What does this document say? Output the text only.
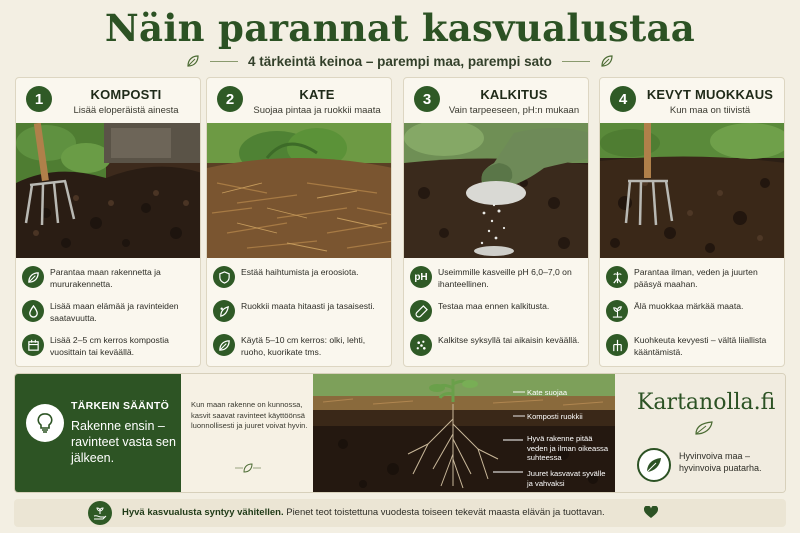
Näin parannat kasvualustaa
4 tärkeintä keinoa – parempi maa, parempi sato
1	KOMPOSTI
Lisää eloperäistä ainesta
Parantaa maan rakennetta ja mururakennetta.
Lisää maan elämää ja ravinteiden saatavuutta.
Lisää 2–5 cm kerros kompostia vuosittain tai keväällä.
2	KATE
Suojaa pintaa ja ruokkii maata
Estää haihtumista ja eroosiota.
Ruokkii maata hitaasti ja tasaisesti.
Käytä 5–10 cm kerros: olki, lehti, ruoho, kuorikate tms.
3	KALKITUS
Vain tarpeeseen, pH:n mukaan
pH	Useimmille kasveille pH 6,0–7,0 on ihanteellinen.
Testaa maa ennen kalkitusta.
Kalkitse syksyllä tai aikaisin keväällä.
4	KEVYT MUOKKAUS
Kun maa on tiivistä
Parantaa ilman, veden ja juurten pääsyä maahan.
Älä muokkaa märkää maata.
Kuohkeuta kevyesti – vältä liiallista kääntämistä.
TÄRKEIN SÄÄNTÖ
Rakenne ensin – ravinteet vasta sen jälkeen.
Kun maan rakenne on kunnossa, kasvit saavat ravinteet käyttöönsä luonnollisesti ja juuret voivat hyvin.
Kate suojaa
Komposti ruokkii
Hyvä rakenne pitää veden ja ilman oikeassa suhteessa
Juuret kasvavat syvälle ja vahvaksi
Kartanolla.fi
Hyvinvoiva maa – hyvinvoiva puatarha.
Hyvä kasvualusta syntyy vähitellen. Pienet teot toistettuna vuodesta toiseen tekevät maasta elävän ja tuottavan.
